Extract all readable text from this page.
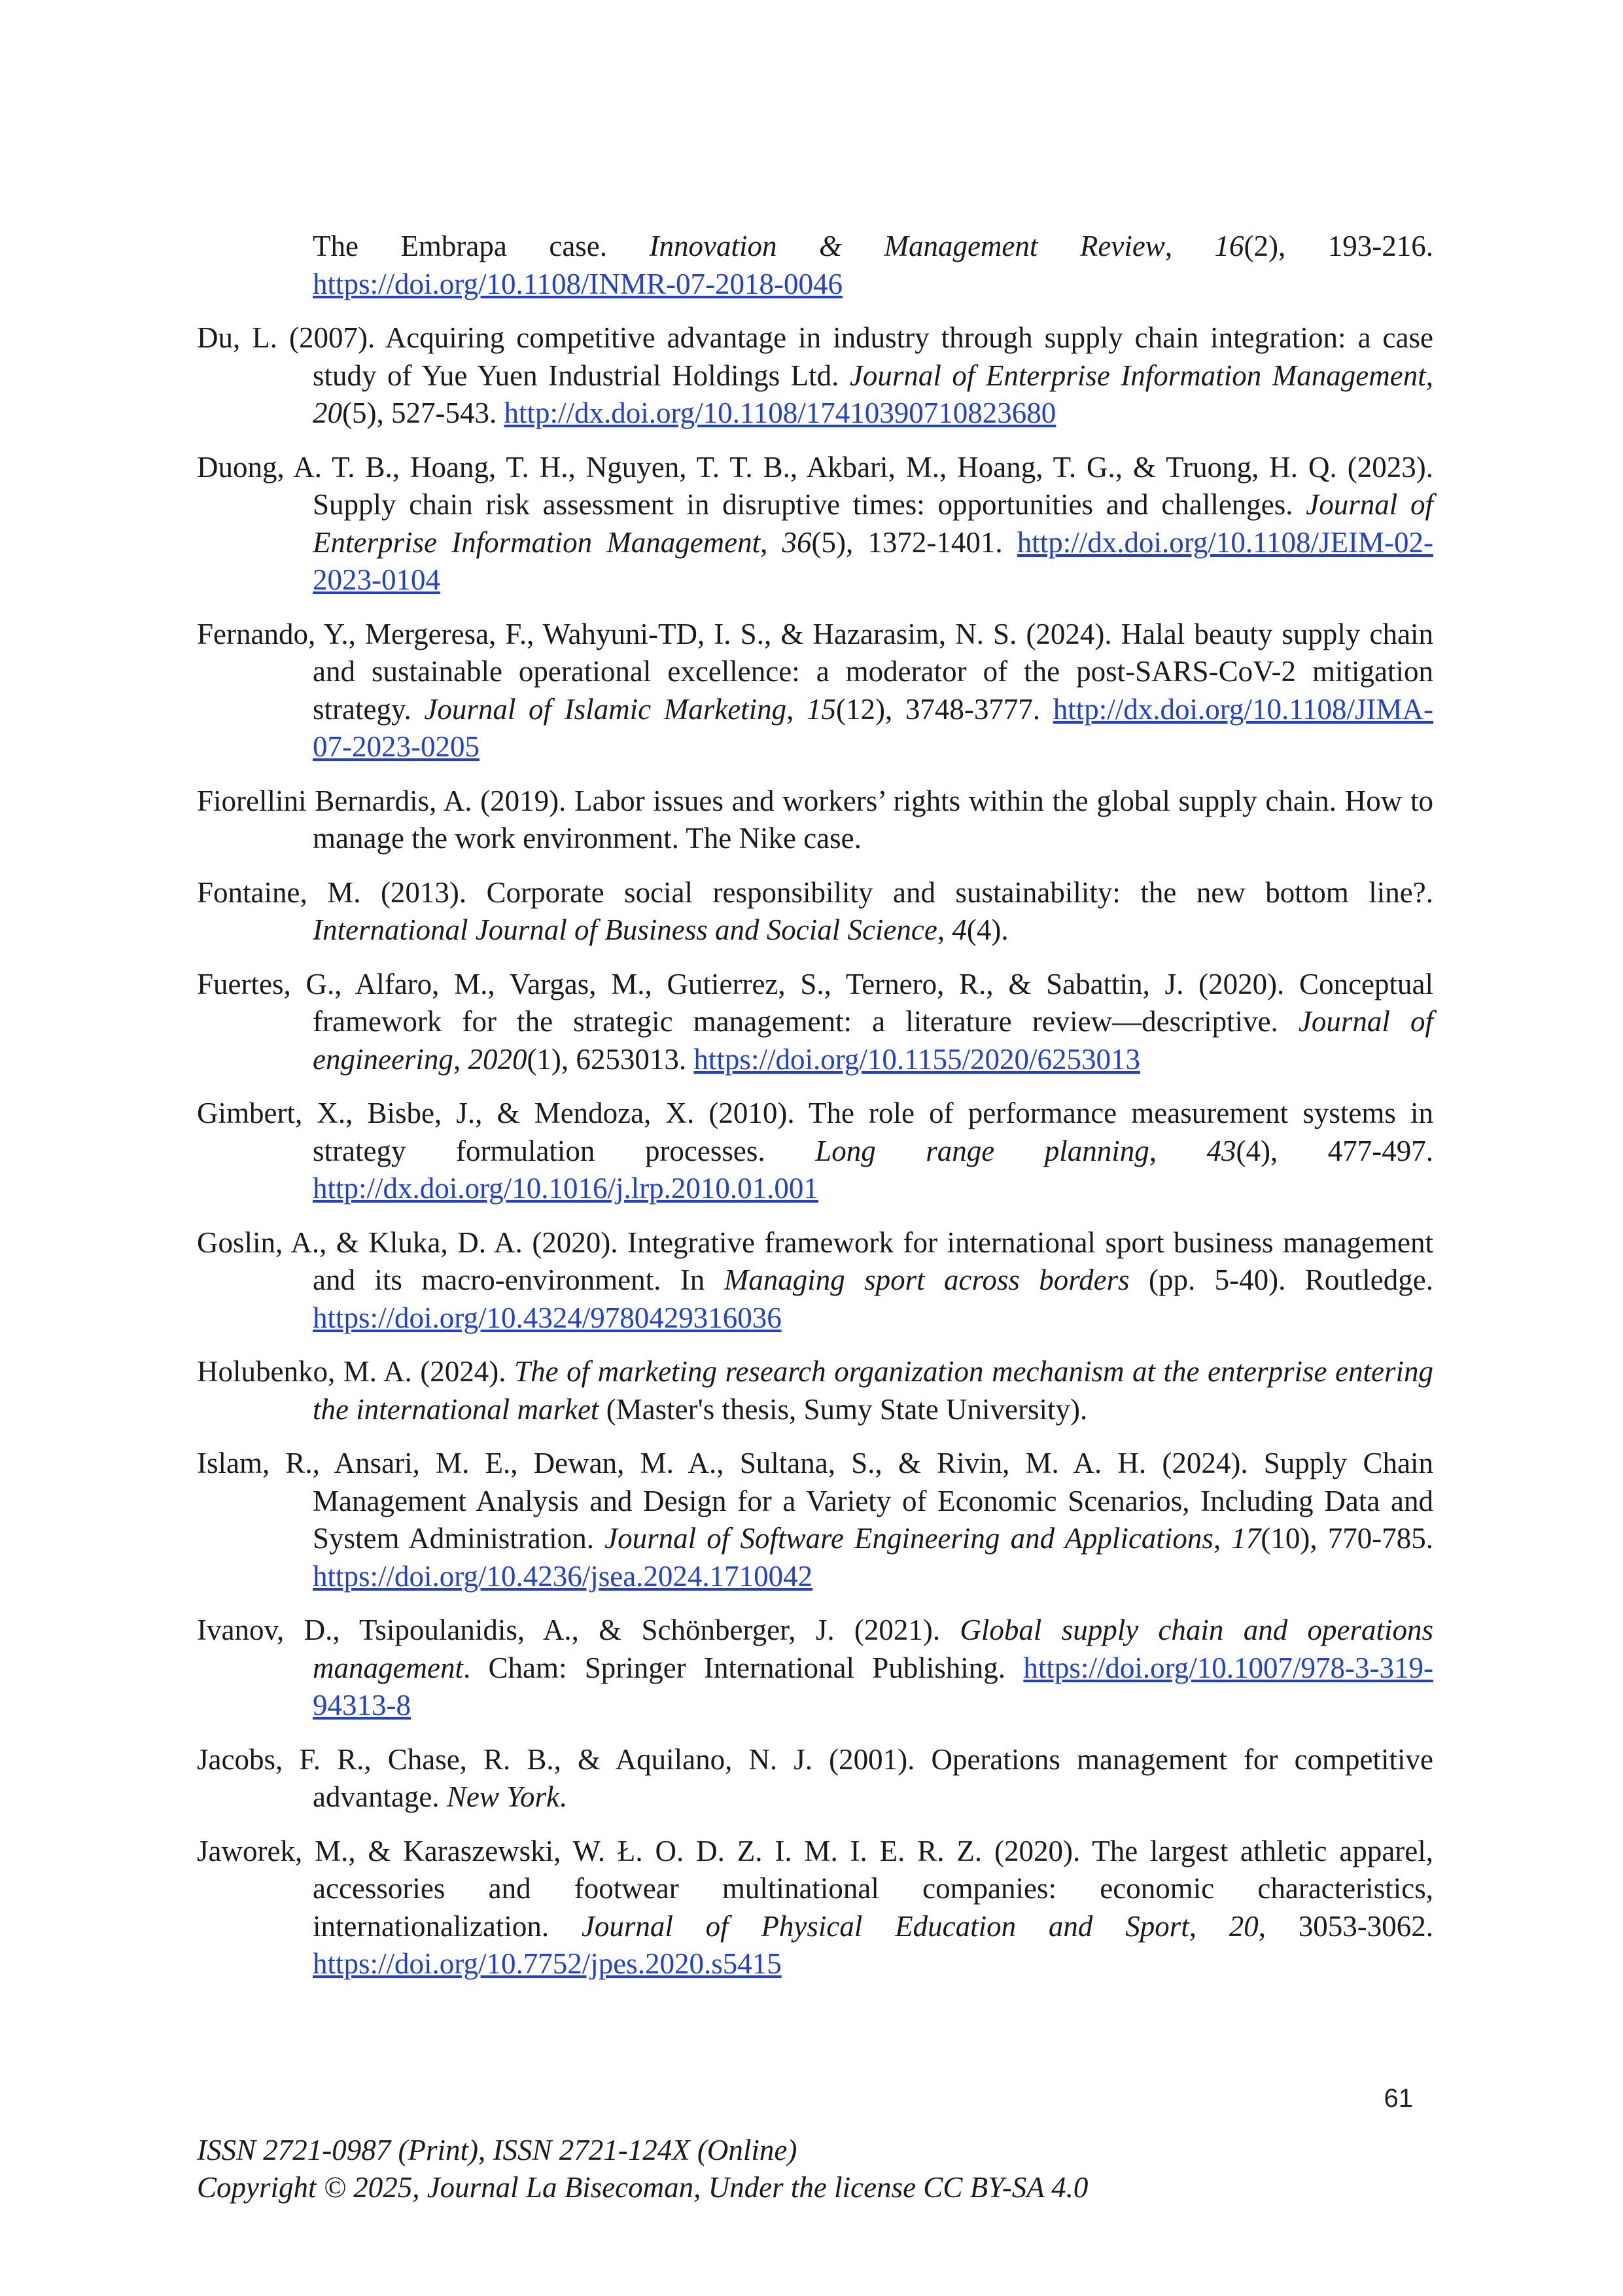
The Embrapa case. Innovation & Management Review, 16(2), 193-216. https://doi.org/10.1108/INMR-07-2018-0046

Du, L. (2007). Acquiring competitive advantage in industry through supply chain integration: a case study of Yue Yuen Industrial Holdings Ltd. Journal of Enterprise Information Management, 20(5), 527-543. http://dx.doi.org/10.1108/17410390710823680

Duong, A. T. B., Hoang, T. H., Nguyen, T. T. B., Akbari, M., Hoang, T. G., & Truong, H. Q. (2023). Supply chain risk assessment in disruptive times: opportunities and challenges. Journal of Enterprise Information Management, 36(5), 1372-1401. http://dx.doi.org/10.1108/JEIM-02-2023-0104

Fernando, Y., Mergeresa, F., Wahyuni-TD, I. S., & Hazarasim, N. S. (2024). Halal beauty supply chain and sustainable operational excellence: a moderator of the post-SARS-CoV-2 mitigation strategy. Journal of Islamic Marketing, 15(12), 3748-3777. http://dx.doi.org/10.1108/JIMA-07-2023-0205

Fiorellini Bernardis, A. (2019). Labor issues and workers’ rights within the global supply chain. How to manage the work environment. The Nike case.

Fontaine, M. (2013). Corporate social responsibility and sustainability: the new bottom line?. International Journal of Business and Social Science, 4(4).

Fuertes, G., Alfaro, M., Vargas, M., Gutierrez, S., Ternero, R., & Sabattin, J. (2020). Conceptual framework for the strategic management: a literature review—descriptive. Journal of engineering, 2020(1), 6253013. https://doi.org/10.1155/2020/6253013

Gimbert, X., Bisbe, J., & Mendoza, X. (2010). The role of performance measurement systems in strategy formulation processes. Long range planning, 43(4), 477-497. http://dx.doi.org/10.1016/j.lrp.2010.01.001

Goslin, A., & Kluka, D. A. (2020). Integrative framework for international sport business management and its macro-environment. In Managing sport across borders (pp. 5-40). Routledge. https://doi.org/10.4324/9780429316036

Holubenko, M. A. (2024). The of marketing research organization mechanism at the enterprise entering the international market (Master's thesis, Sumy State University).

Islam, R., Ansari, M. E., Dewan, M. A., Sultana, S., & Rivin, M. A. H. (2024). Supply Chain Management Analysis and Design for a Variety of Economic Scenarios, Including Data and System Administration. Journal of Software Engineering and Applications, 17(10), 770-785. https://doi.org/10.4236/jsea.2024.1710042

Ivanov, D., Tsipoulanidis, A., & Schönberger, J. (2021). Global supply chain and operations management. Cham: Springer International Publishing. https://doi.org/10.1007/978-3-319-94313-8

Jacobs, F. R., Chase, R. B., & Aquilano, N. J. (2001). Operations management for competitive advantage. New York.

Jaworek, M., & Karaszewski, W. Ł. O. D. Z. I. M. I. E. R. Z. (2020). The largest athletic apparel, accessories and footwear multinational companies: economic characteristics, internationalization. Journal of Physical Education and Sport, 20, 3053-3062. https://doi.org/10.7752/jpes.2020.s5415

61
ISSN 2721-0987 (Print), ISSN 2721-124X (Online)
Copyright © 2025, Journal La Bisecoman, Under the license CC BY-SA 4.0
